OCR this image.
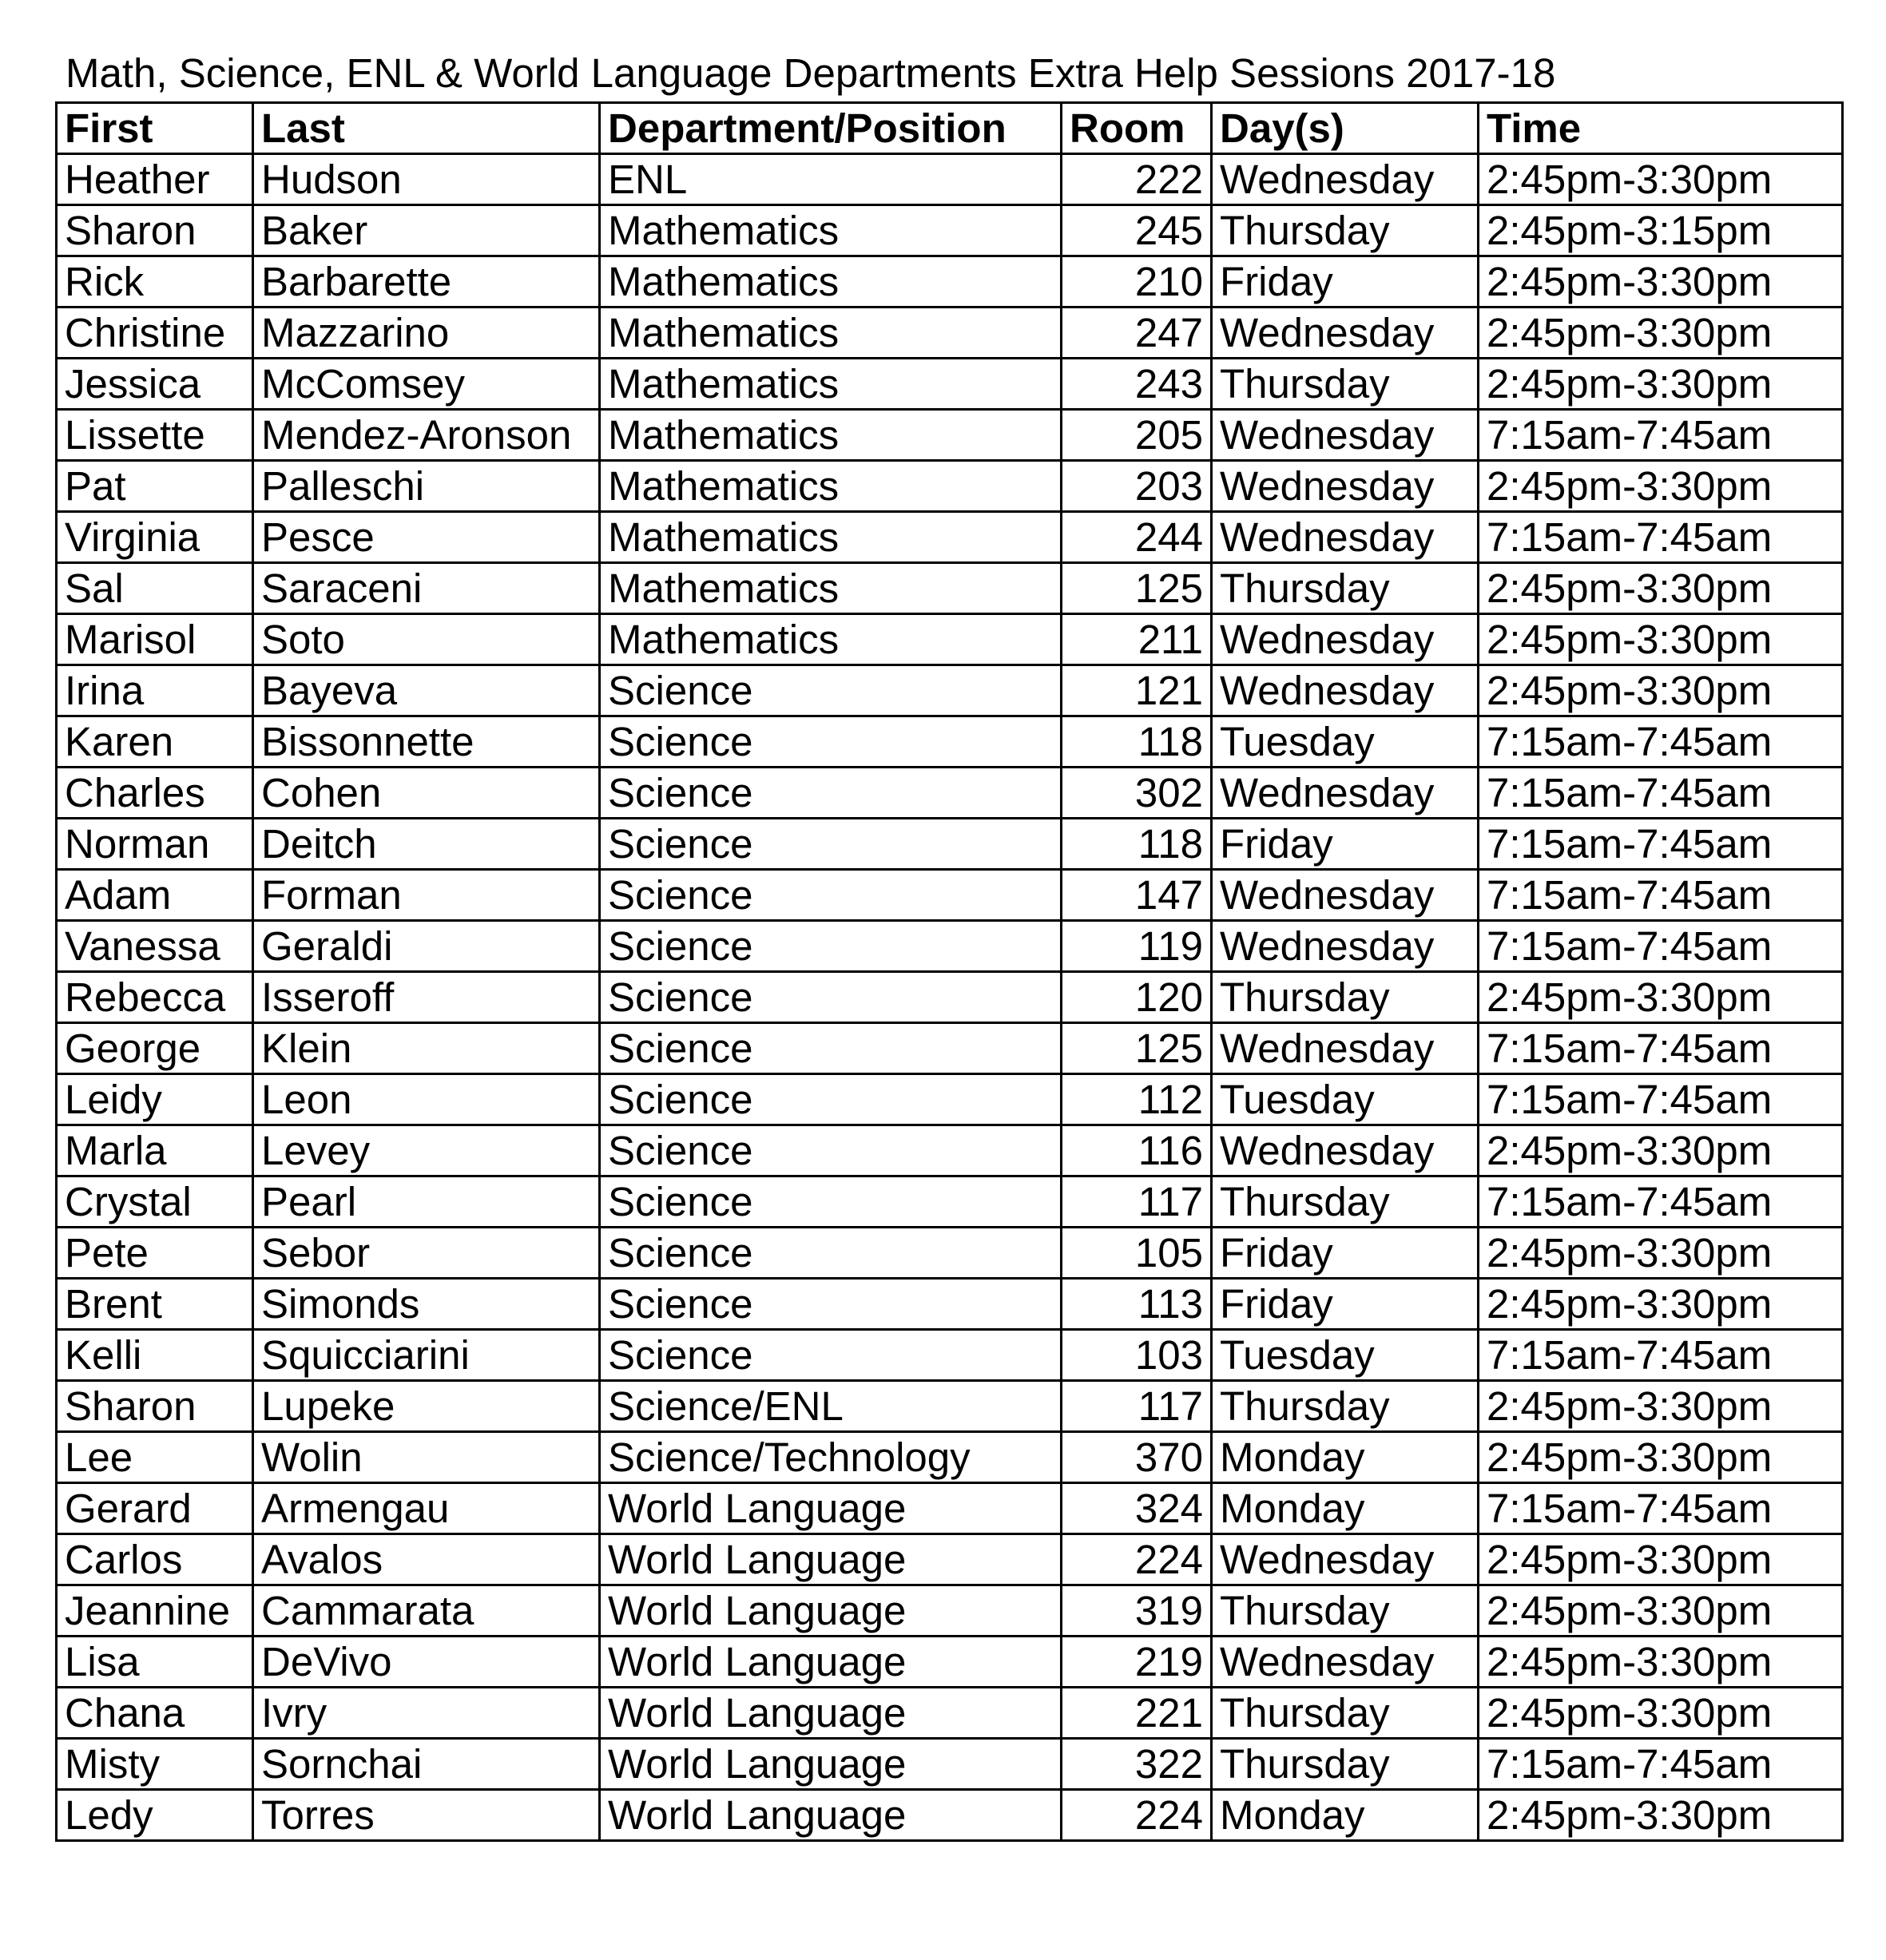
Math, Science, ENL & World Language Departments Extra Help Sessions 2017-18
First	Last	Department/Position	Room	Day(s)	Time
Heather	Hudson	ENL	222	Wednesday	2:45pm-3:30pm
Sharon	Baker	Mathematics	245	Thursday	2:45pm-3:15pm
Rick	Barbarette	Mathematics	210	Friday	2:45pm-3:30pm
Christine	Mazzarino	Mathematics	247	Wednesday	2:45pm-3:30pm
Jessica	McComsey	Mathematics	243	Thursday	2:45pm-3:30pm
Lissette	Mendez-Aronson	Mathematics	205	Wednesday	7:15am-7:45am
Pat	Palleschi	Mathematics	203	Wednesday	2:45pm-3:30pm
Virginia	Pesce	Mathematics	244	Wednesday	7:15am-7:45am
Sal	Saraceni	Mathematics	125	Thursday	2:45pm-3:30pm
Marisol	Soto	Mathematics	211	Wednesday	2:45pm-3:30pm
Irina	Bayeva	Science	121	Wednesday	2:45pm-3:30pm
Karen	Bissonnette	Science	118	Tuesday	7:15am-7:45am
Charles	Cohen	Science	302	Wednesday	7:15am-7:45am
Norman	Deitch	Science	118	Friday	7:15am-7:45am
Adam	Forman	Science	147	Wednesday	7:15am-7:45am
Vanessa	Geraldi	Science	119	Wednesday	7:15am-7:45am
Rebecca	Isseroff	Science	120	Thursday	2:45pm-3:30pm
George	Klein	Science	125	Wednesday	7:15am-7:45am
Leidy	Leon	Science	112	Tuesday	7:15am-7:45am
Marla	Levey	Science	116	Wednesday	2:45pm-3:30pm
Crystal	Pearl	Science	117	Thursday	7:15am-7:45am
Pete	Sebor	Science	105	Friday	2:45pm-3:30pm
Brent	Simonds	Science	113	Friday	2:45pm-3:30pm
Kelli	Squicciarini	Science	103	Tuesday	7:15am-7:45am
Sharon	Lupeke	Science/ENL	117	Thursday	2:45pm-3:30pm
Lee	Wolin	Science/Technology	370	Monday	2:45pm-3:30pm
Gerard	Armengau	World Language	324	Monday	7:15am-7:45am
Carlos	Avalos	World Language	224	Wednesday	2:45pm-3:30pm
Jeannine	Cammarata	World Language	319	Thursday	2:45pm-3:30pm
Lisa	DeVivo	World Language	219	Wednesday	2:45pm-3:30pm
Chana	Ivry	World Language	221	Thursday	2:45pm-3:30pm
Misty	Sornchai	World Language	322	Thursday	7:15am-7:45am
Ledy	Torres	World Language	224	Monday	2:45pm-3:30pm
